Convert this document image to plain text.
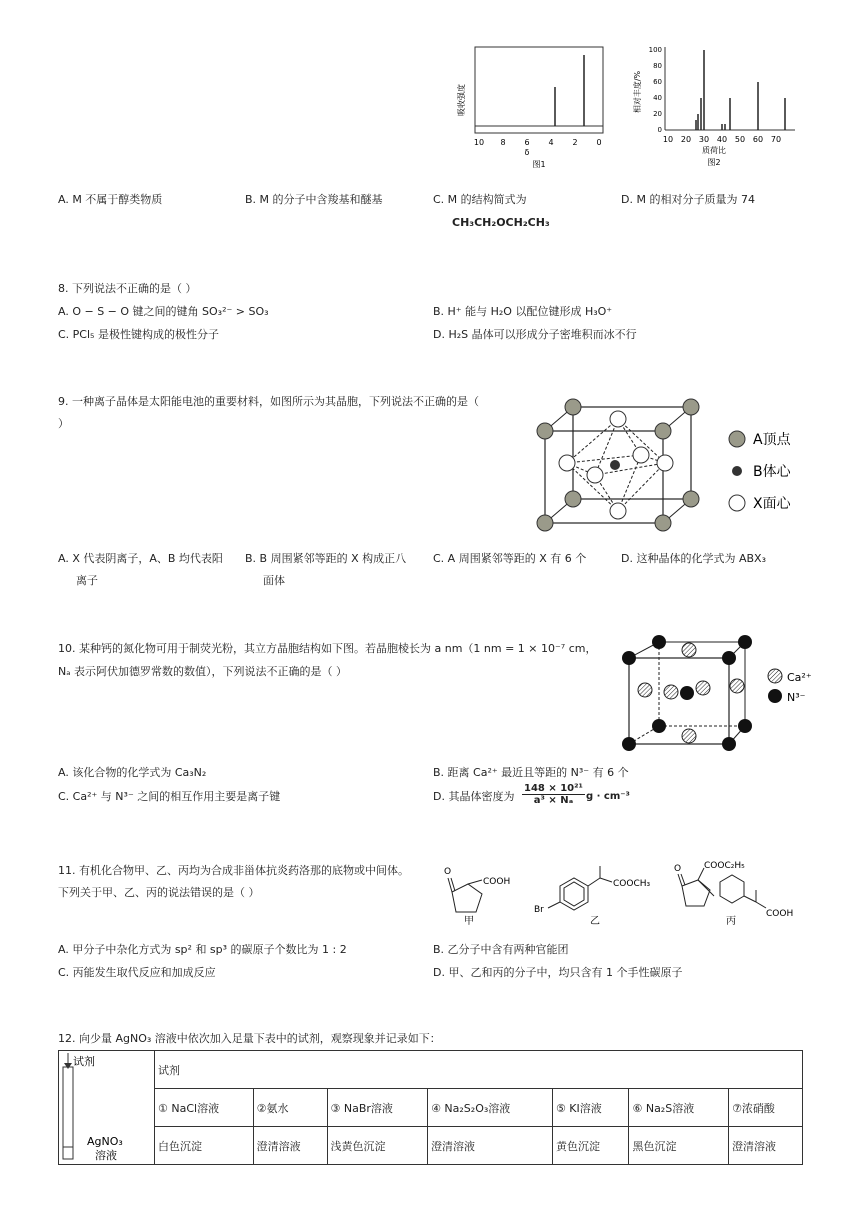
吸收强度
10 8 6 4 2 0
δ
图1
100
80
60
40
20
0
相对丰度/%
10 20 30 40 50 60 70
质荷比
图2
A. M 不属于醇类物质	B. M 的分子中含羧基和醚基	C. M 的结构简式为
CH₃CH₂OCH₂CH₃
D. M 的相对分子质量为 74
8. 下列说法不正确的是（ ）
A. O − S − O 键之间的键角 SO₃²⁻ > SO₃	B. H⁺ 能与 H₂O 以配位键形成 H₃O⁺
C. PCl₅ 是极性键构成的极性分子	D. H₂S 晶体可以形成分子密堆积而冰不行
9. 一种离子晶体是太阳能电池的重要材料，如图所示为其晶胞，下列说法不正确的是（
）
A顶点
B体心
X面心
A. X 代表阴离子，A、B 均代表阳
离子
B. B 周围紧邻等距的 X 构成正八
面体
C. A 周围紧邻等距的 X 有 6 个	D. 这种晶体的化学式为 ABX₃
10. 某种钙的氮化物可用于制荧光粉，其立方晶胞结构如下图。若晶胞棱长为 a nm（1 nm = 1 × 10⁻⁷ cm，
Nₐ 表示阿伏加德罗常数的数值），下列说法不正确的是（ ）	Ca²⁺
N³⁻
A. 该化合物的化学式为 Ca₃N₂	B. 距离 Ca²⁺ 最近且等距的 N³⁻ 有 6 个
C. Ca²⁺ 与 N³⁻ 之间的相互作用主要是离子键	D. 其晶体密度为 $\frac{\text{148 × 10²¹}}{\text{a³ × Nₐ}}$ g · cm⁻³
11. 有机化合物甲、乙、丙均为合成非甾体抗炎药洛那的底物或中间体。
下列关于甲、乙、丙的说法错误的是（ ）
O
COOH
甲
Br
COOCH₃
乙
O	COOC₂H₅
COOH
丙
A. 甲分子中杂化方式为 sp² 和 sp³ 的碳原子个数比为 1 : 2	B. 乙分子中含有两种官能团
C. 丙能发生取代反应和加成反应	D. 甲、乙和丙的分子中，均只含有 1 个手性碳原子
12. 向少量 AgNO₃ 溶液中依次加入足量下表中的试剂，观察现象并记录如下：
试剂
AgNO₃
溶液	试剂						
	① NaCl溶液	②氨水	③ NaBr溶液	④ Na₂S₂O₃溶液	⑤ KI溶液	⑥ Na₂S溶液	⑦浓硝酸
	白色沉淀	澄清溶液	浅黄色沉淀	澄清溶液	黄色沉淀	黑色沉淀	澄清溶液
